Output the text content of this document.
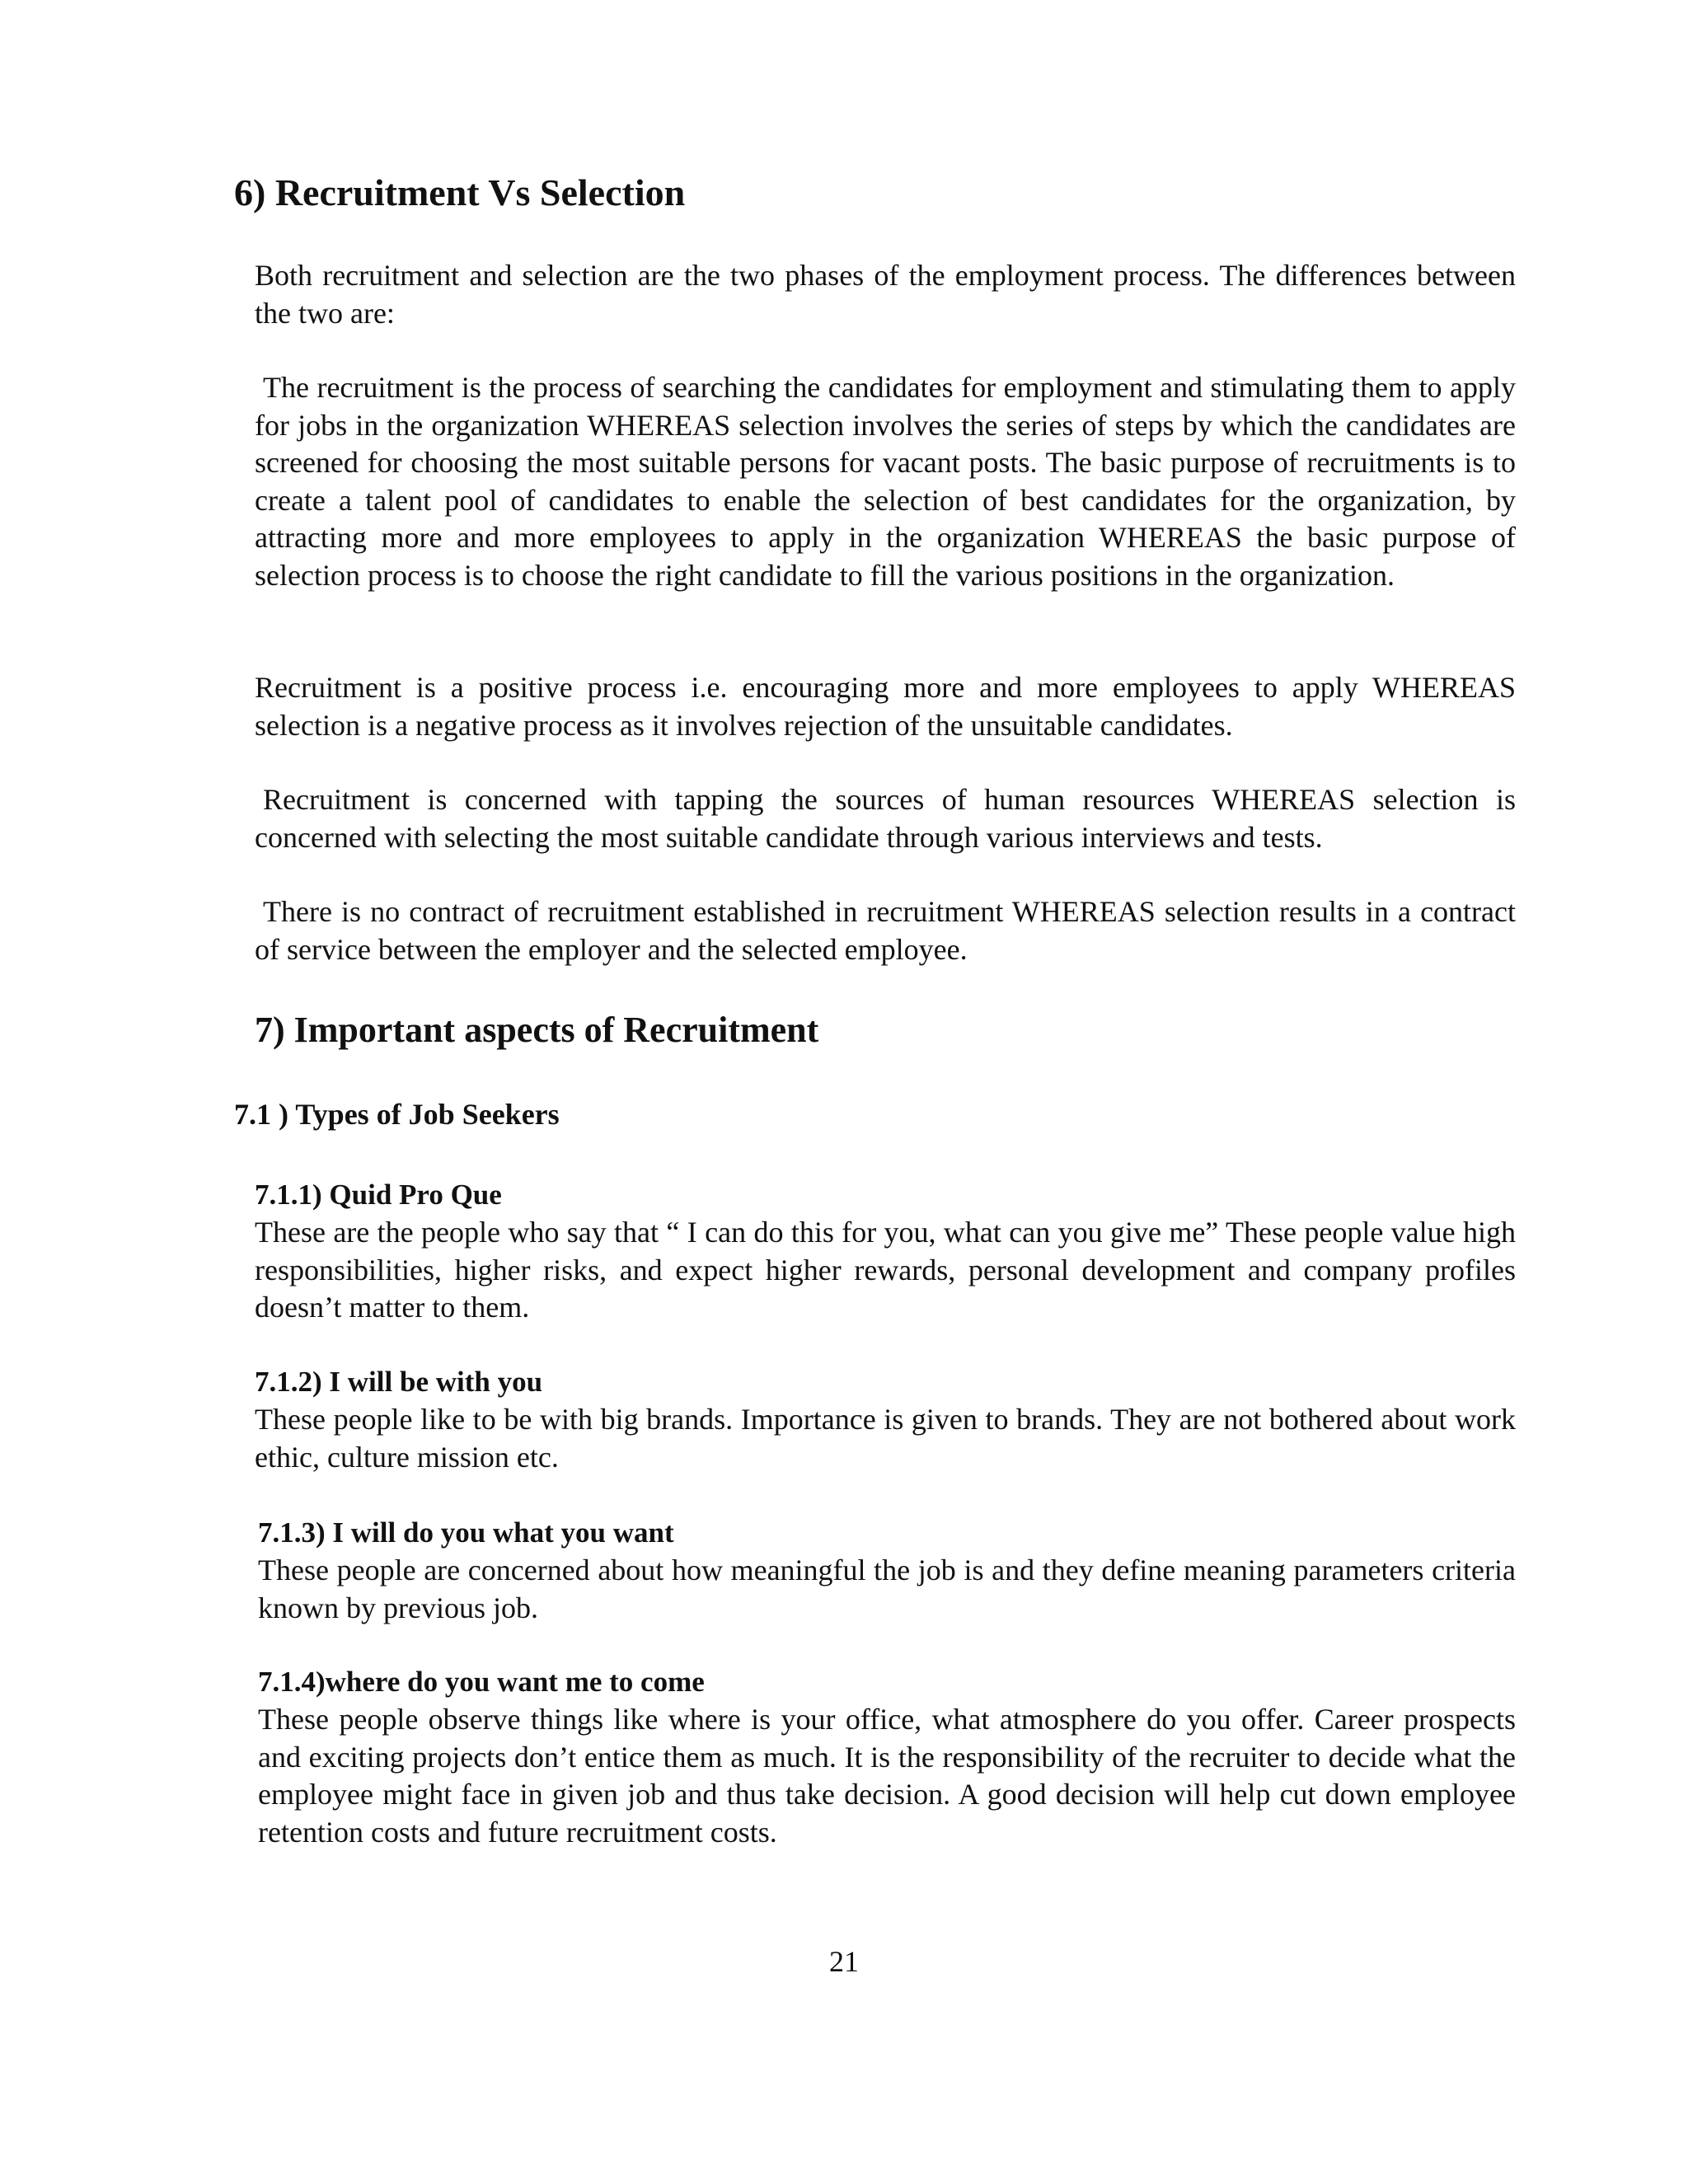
6) Recruitment Vs Selection

Both recruitment and selection are the two phases of the employment process. The differences between the two are:

The recruitment is the process of searching the candidates for employment and stimulating them to apply for jobs in the organization WHEREAS selection involves the series of steps by which the candidates are screened for choosing the most suitable persons for vacant posts. The basic purpose of recruitments is to create a talent pool of candidates to enable the selection of best candidates for the organization, by attracting more and more employees to apply in the organization WHEREAS the basic purpose of selection process is to choose the right candidate to fill the various positions in the organization.

Recruitment is a positive process i.e. encouraging more and more employees to apply WHEREAS selection is a negative process as it involves rejection of the unsuitable candidates.

Recruitment is concerned with tapping the sources of human resources WHEREAS selection is concerned with selecting the most suitable candidate through various interviews and tests.

There is no contract of recruitment established in recruitment WHEREAS selection results in a contract of service between the employer and the selected employee.

7) Important aspects of Recruitment
7.1 ) Types of Job Seekers
7.1.1) Quid Pro Que

These are the people who say that “ I can do this for you, what can you give me” These people value high responsibilities, higher risks, and expect higher rewards, personal development and company profiles doesn’t matter to them.

7.1.2) I will be with you

These people like to be with big brands. Importance is given to brands. They are not bothered about work ethic, culture mission etc.

7.1.3) I will do you what you want

These people are concerned about how meaningful the job is and they define meaning parameters criteria known by previous job.

7.1.4)where do you want me to come

These people observe things like where is your office, what atmosphere do you offer. Career prospects and exciting projects don’t entice them as much. It is the responsibility of the recruiter to decide what the employee might face in given job and thus take decision. A good decision will help cut down employee retention costs and future recruitment costs.

21
